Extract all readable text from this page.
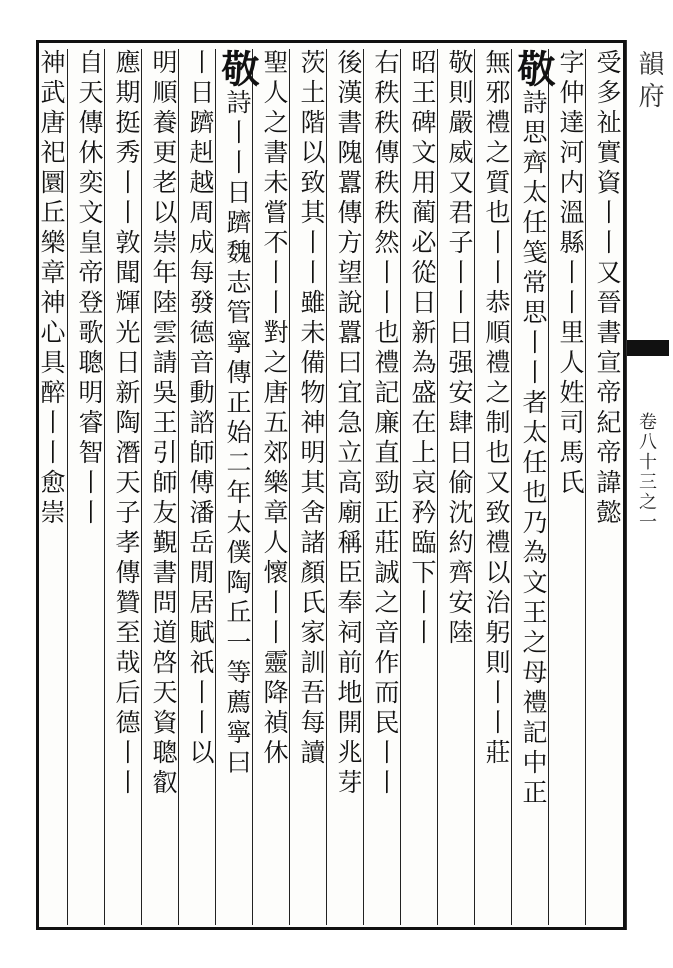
受多祉實資丨丨又晉書宣帝紀帝諱懿
字仲達河内溫縣丨丨里人姓司馬氏
敬
詩思齊太任笺常思丨丨者太任也乃為文王之母禮記中正
無邪禮之質也丨丨恭順禮之制也又致禮以治躬則丨丨莊
敬則嚴威又君子丨丨日强安肆日偷沈約齊安陸
昭王碑文用蔺必從日新為盛在上哀矜臨下丨丨
右秩秩傳秩秩然丨丨也禮記廉直勁正莊誠之音作而民丨丨
後漢書隗囂傳方望說囂曰宜急立高廟稱臣奉祠前地開兆芽
茨土階以致其丨丨雖未備物神明其舍諸顏氏家訓吾每讀
聖人之書未嘗不丨丨對之唐五郊樂章人懷丨丨靈降禎休
敬
詩丨丨日躋魏志管寧傳正始二年太僕陶丘一等薦寧曰
丨日躋赳越周成每發德音動諮師傅潘岳閒居賦祇丨丨以
明順養更老以崇年陸雲請吳王引師友覲書問道啓天資聰叡
應期挺秀丨丨敦聞輝光日新陶潛天子孝傳贊至哉后德丨丨
自天傳休奕文皇帝登歌聰明睿智丨丨
神武唐祀圜丘樂章神心具醉丨丨愈崇	韻府
卷八十三之一
